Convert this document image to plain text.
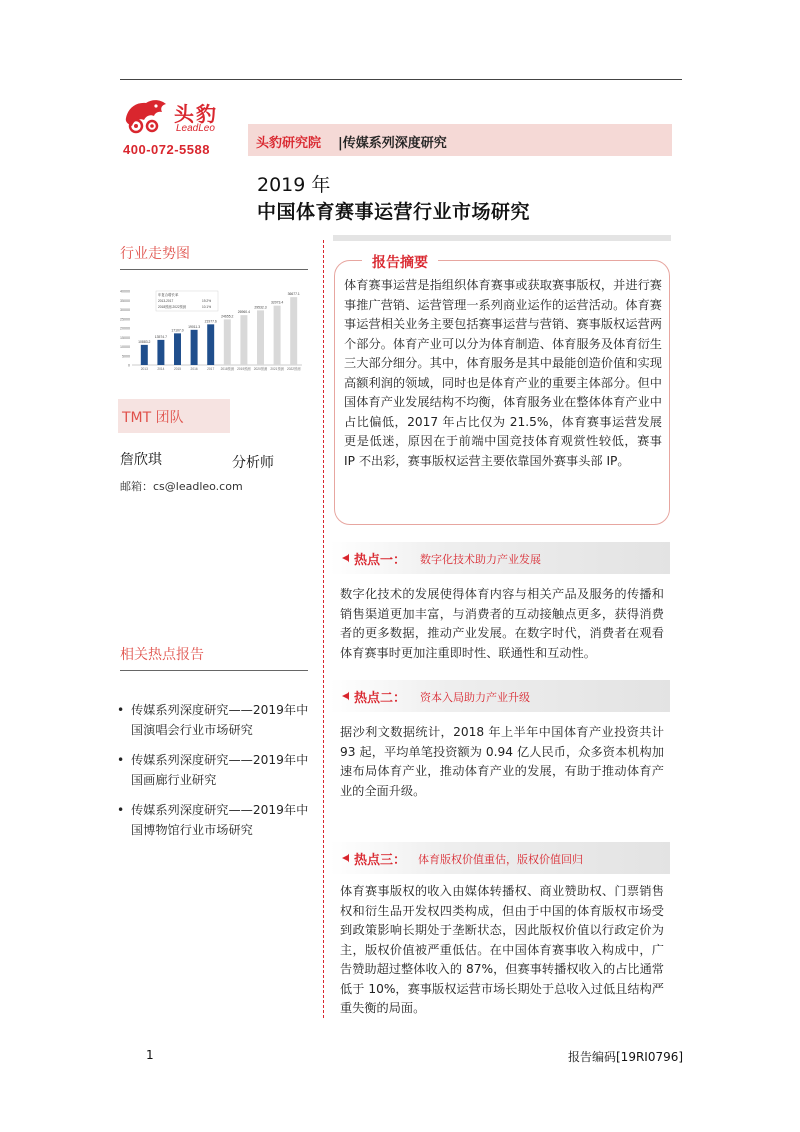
头豹
LeadLeo
400-072-5588	头豹研究院 |传媒系列深度研究
2019 年
中国体育赛事运营行业市场研究
行业走势图
0
5000
10000
15000
20000
25000
30000
35000
40000
10883.2
2013
13574.7
2014
17107.0
2015
19011.3
2016
21977.6
2017
24655.2
2018预测
26960.4
2019预测
29532.3
2020预测
32073.4
2021预测
36677.1
2022预测
年复合增长率
2013-2017	19.2%
2018预测-2022预测	10.1%
TMT 团队
詹欣琪	分析师
邮箱：cs@leadleo.com
相关热点报告
• 传媒系列深度研究——2019年中国演唱会行业市场研究
• 传媒系列深度研究——2019年中国画廊行业研究
• 传媒系列深度研究——2019年中国博物馆行业市场研究
报告摘要
体育赛事运营是指组织体育赛事或获取赛事版权，并进行赛事推广营销、运营管理一系列商业运作的运营活动。体育赛事运营相关业务主要包括赛事运营与营销、赛事版权运营两个部分。体育产业可以分为体育制造、体育服务及体育衍生三大部分细分。其中，体育服务是其中最能创造价值和实现高额利润的领域，同时也是体育产业的重要主体部分。但中国体育产业发展结构不均衡，体育服务业在整体体育产业中占比偏低，2017 年占比仅为 21.5%，体育赛事运营发展更是低迷，原因在于前端中国竞技体育观赏性较低，赛事 IP 不出彩，赛事版权运营主要依靠国外赛事头部 IP。
热点一： 数字化技术助力产业发展
数字化技术的发展使得体育内容与相关产品及服务的传播和销售渠道更加丰富，与消费者的互动接触点更多，获得消费者的更多数据，推动产业发展。在数字时代，消费者在观看体育赛事时更加注重即时性、联通性和互动性。
热点二： 资本入局助力产业升级
据沙利文数据统计，2018 年上半年中国体育产业投资共计 93 起，平均单笔投资额为 0.94 亿人民币，众多资本机构加速布局体育产业，推动体育产业的发展，有助于推动体育产业的全面升级。
热点三： 体育版权价值重估，版权价值回归
体育赛事版权的收入由媒体转播权、商业赞助权、门票销售权和衍生品开发权四类构成，但由于中国的体育版权市场受到政策影响长期处于垄断状态，因此版权价值以行政定价为主，版权价值被严重低估。在中国体育赛事收入构成中，广告赞助超过整体收入的 87%，但赛事转播权收入的占比通常低于 10%，赛事版权运营市场长期处于总收入过低且结构严重失衡的局面。
1	报告编码[19RI0796]
